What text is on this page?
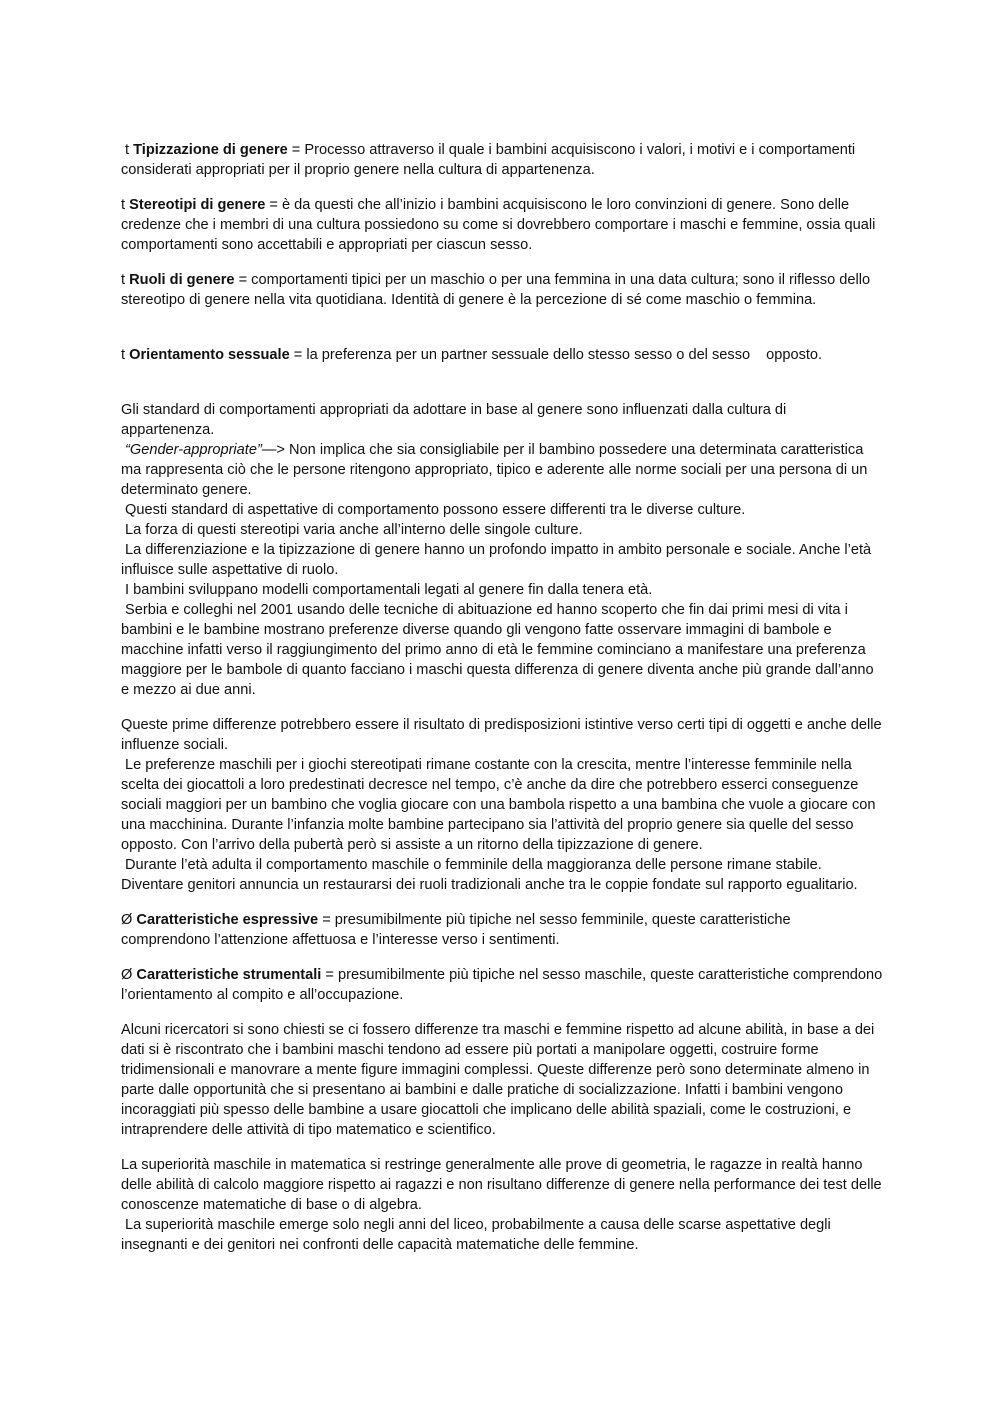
t Tipizzazione di genere = Processo attraverso il quale i bambini acquisiscono i valori, i motivi e i comportamenti considerati appropriati per il proprio genere nella cultura di appartenenza.

t Stereotipi di genere = è da questi che all’inizio i bambini acquisiscono le loro convinzioni di genere. Sono delle credenze che i membri di una cultura possiedono su come si dovrebbero comportare i maschi e femmine, ossia quali comportamenti sono accettabili e appropriati per ciascun sesso.

t Ruoli di genere = comportamenti tipici per un maschio o per una femmina in una data cultura; sono il riflesso dello stereotipo di genere nella vita quotidiana. Identità di genere è la percezione di sé come maschio o femmina.

t Orientamento sessuale = la preferenza per un partner sessuale dello stesso sesso o del sesso opposto.

Gli standard di comportamenti appropriati da adottare in base al genere sono influenzati dalla cultura di appartenenza.

“Gender-appropriate”—> Non implica che sia consigliabile per il bambino possedere una determinata caratteristica ma rappresenta ciò che le persone ritengono appropriato, tipico e aderente alle norme sociali per una persona di un determinato genere.

Questi standard di aspettative di comportamento possono essere differenti tra le diverse culture.

La forza di questi stereotipi varia anche all’interno delle singole culture.

La differenziazione e la tipizzazione di genere hanno un profondo impatto in ambito personale e sociale. Anche l’età influisce sulle aspettative di ruolo.

I bambini sviluppano modelli comportamentali legati al genere fin dalla tenera età.

Serbia e colleghi nel 2001 usando delle tecniche di abituazione ed hanno scoperto che fin dai primi mesi di vita i bambini e le bambine mostrano preferenze diverse quando gli vengono fatte osservare immagini di bambole e macchine infatti verso il raggiungimento del primo anno di età le femmine cominciano a manifestare una preferenza maggiore per le bambole di quanto facciano i maschi questa differenza di genere diventa anche più grande dall’anno e mezzo ai due anni.

Queste prime differenze potrebbero essere il risultato di predisposizioni istintive verso certi tipi di oggetti e anche delle influenze sociali.

Le preferenze maschili per i giochi stereotipati rimane costante con la crescita, mentre l’interesse femminile nella scelta dei giocattoli a loro predestinati decresce nel tempo, c’è anche da dire che potrebbero esserci conseguenze sociali maggiori per un bambino che voglia giocare con una bambola rispetto a una bambina che vuole a giocare con una macchinina. Durante l’infanzia molte bambine partecipano sia l’attività del proprio genere sia quelle del sesso opposto. Con l’arrivo della pubertà però si assiste a un ritorno della tipizzazione di genere.

Durante l’età adulta il comportamento maschile o femminile della maggioranza delle persone rimane stabile. Diventare genitori annuncia un restaurarsi dei ruoli tradizionali anche tra le coppie fondate sul rapporto egualitario.

Ø Caratteristiche espressive = presumibilmente più tipiche nel sesso femminile, queste caratteristiche comprendono l’attenzione affettuosa e l’interesse verso i sentimenti.

Ø Caratteristiche strumentali = presumibilmente più tipiche nel sesso maschile, queste caratteristiche comprendono l’orientamento al compito e all’occupazione.

Alcuni ricercatori si sono chiesti se ci fossero differenze tra maschi e femmine rispetto ad alcune abilità, in base a dei dati si è riscontrato che i bambini maschi tendono ad essere più portati a manipolare oggetti, costruire forme tridimensionali e manovrare a mente figure immagini complessi. Queste differenze però sono determinate almeno in parte dalle opportunità che si presentano ai bambini e dalle pratiche di socializzazione. Infatti i bambini vengono incoraggiati più spesso delle bambine a usare giocattoli che implicano delle abilità spaziali, come le costruzioni, e intraprendere delle attività di tipo matematico e scientifico.

La superiorità maschile in matematica si restringe generalmente alle prove di geometria, le ragazze in realtà hanno delle abilità di calcolo maggiore rispetto ai ragazzi e non risultano differenze di genere nella performance dei test delle conoscenze matematiche di base o di algebra.

La superiorità maschile emerge solo negli anni del liceo, probabilmente a causa delle scarse aspettative degli insegnanti e dei genitori nei confronti delle capacità matematiche delle femmine.
